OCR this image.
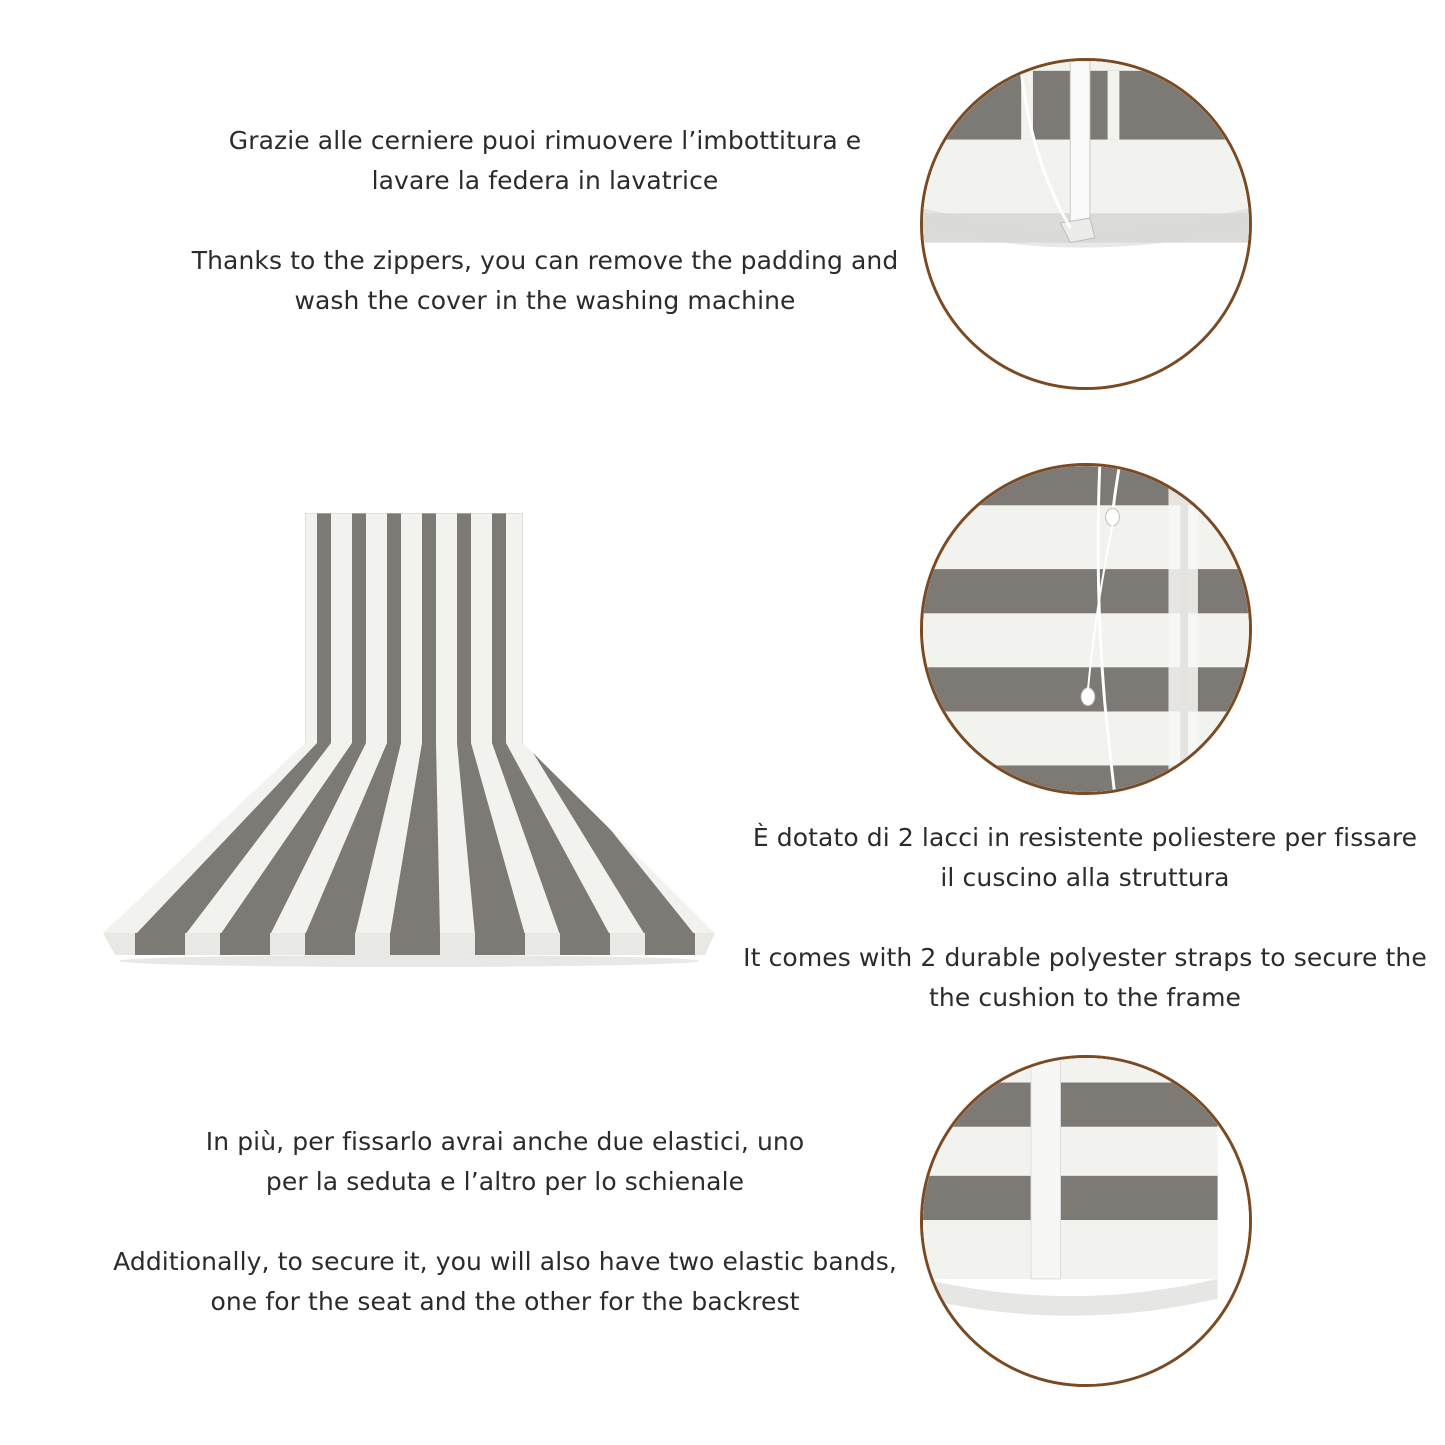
Grazie alle cerniere puoi rimuovere l’imbottitura e

lavare la federa in lavatrice

Thanks to the zippers, you can remove the padding and

wash the cover in the washing machine

È dotato di 2 lacci in resistente poliestere per fissare

il cuscino alla struttura

It comes with 2 durable polyester straps to secure the

the cushion to the frame

In più, per fissarlo avrai anche due elastici, uno

per la seduta e l’altro per lo schienale

Additionally, to secure it, you will also have two elastic bands,

one for the seat and the other for the backrest
